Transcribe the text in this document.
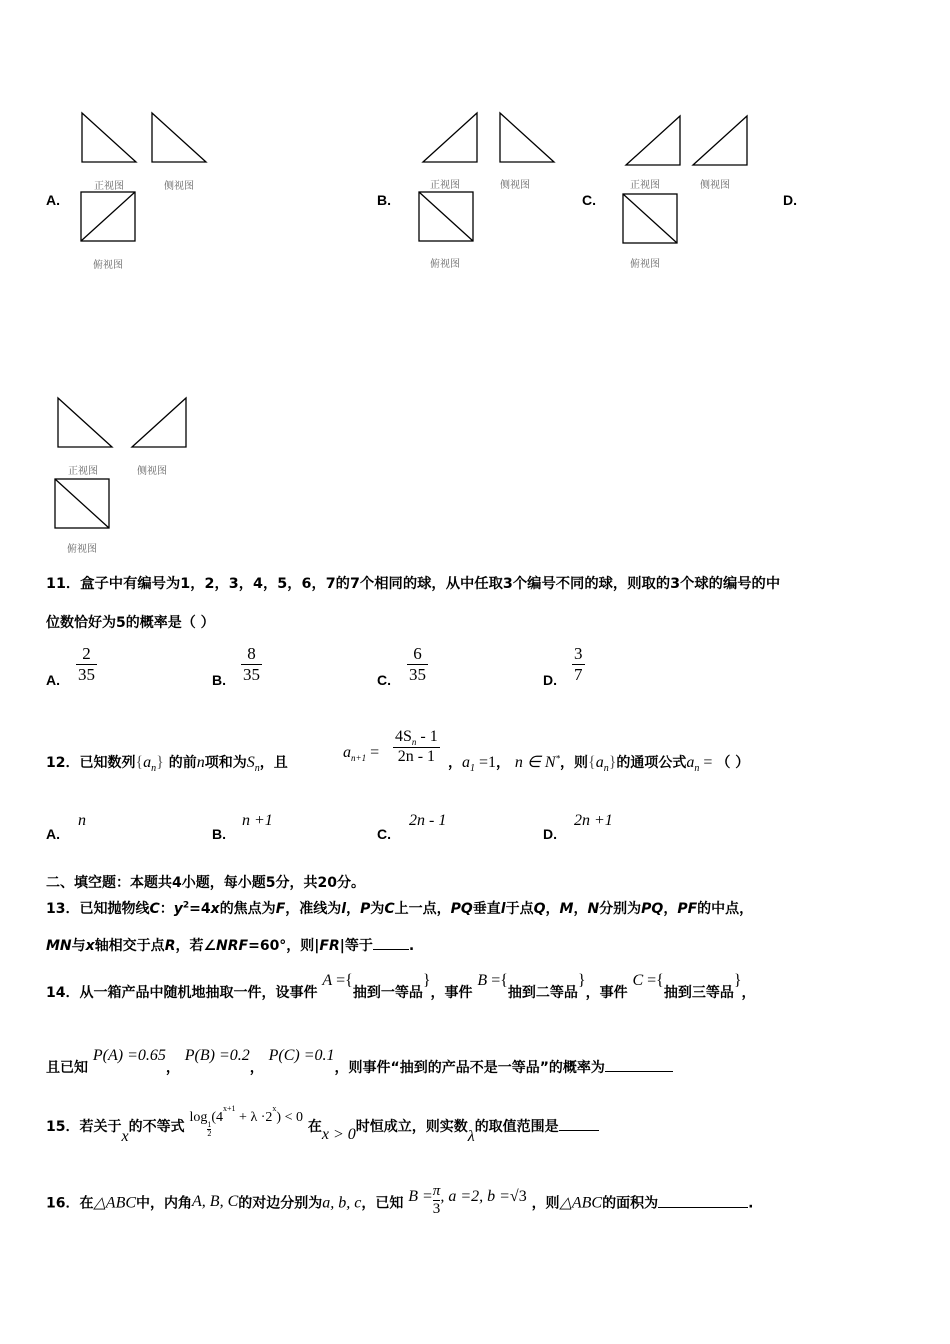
A.
正视图	侧视图
俯视图
B.
正视图	侧视图
俯视图
C.
正视图	侧视图
俯视图
D.
正视图	侧视图
俯视图
11．盒子中有编号为1，2，3，4，5，6，7的7个相同的球，从中任取3个编号不同的球，则取的3个球的编号的中
位数恰好为5的概率是（ ）
A. $\frac{2}{35}$	B. $\frac{8}{35}$	C. $\frac{6}{35}$	D. $\frac{3}{7}$
12．已知数列$\{a_n\}$ 的前n项和为$S_n$，且
$a_{n+1} = \frac{4S_n - 1}{2n - 1}$ ，$a_1 =1$， n ∈ N*，则$\{a_n\}$的通项公式$a_n$ = （ ）
A.
n
B.
n +1
C.
2n - 1
D.
2n +1
二、填空题：本题共4小题，每小题5分，共20分。
13．已知抛物线C：$y^2=4x$的焦点为F，准线为l，P为C上一点，PQ垂直l于点Q，M，N分别为PQ，PF的中点，
MN与x轴相交于点R，若∠NRF=60°，则|FR|等于	.
14．从一箱产品中随机地抽取一件，设事件 A ={抽到一等品}，事件 B ={抽到二等品}，事件 C ={抽到三等品}，
且已知 P(A) =0.65， P(B) =0.2， P(C) =0.1，则事件“抽到的产品不是一等品”的概率为
15．若关于x的不等式 log
$\frac{1}{2}$
$(4^{x+1} + \lambda \cdot 2^x) < 0$ 在x > 0时恒成立，则实数λ的取值范围是
16．在△ABC中，内角A, B, C的对边分别为a, b, c，已知 $B = \frac{\pi}{3}$ , a =2, b =√3 ，则△ABC的面积为	.
